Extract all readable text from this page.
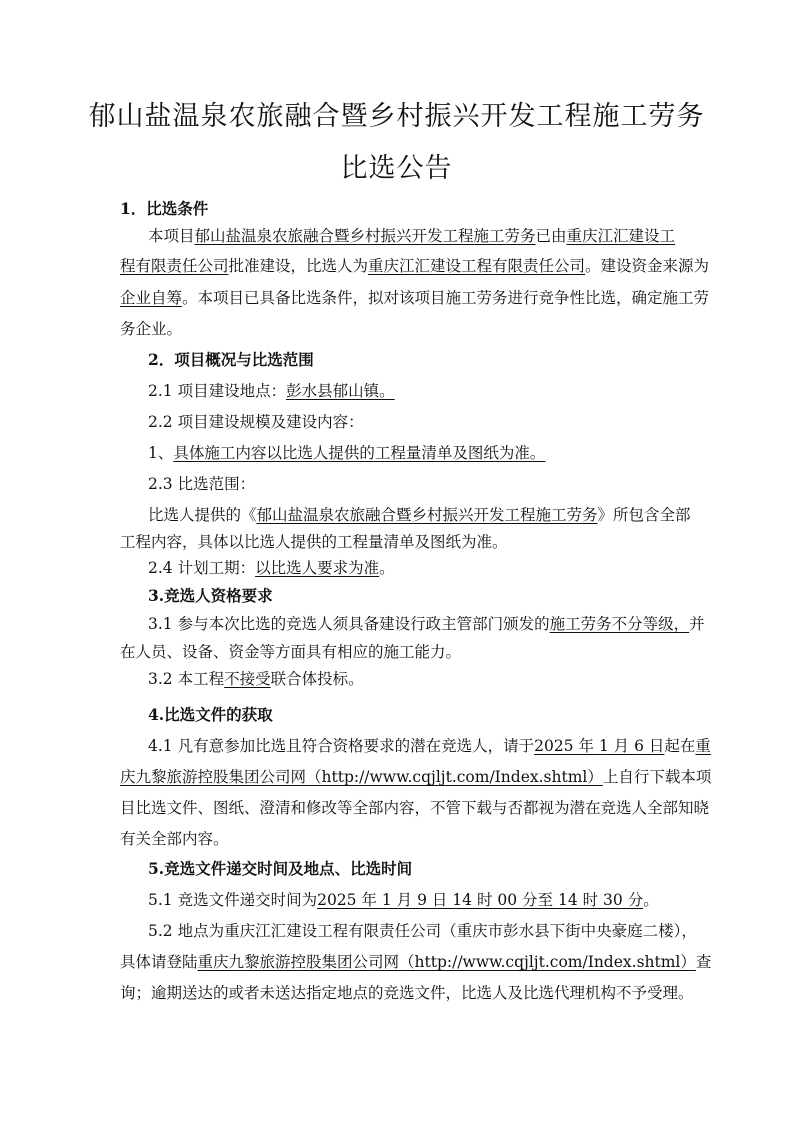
郁山盐温泉农旅融合暨乡村振兴开发工程施工劳务
比选公告
1．比选条件
本项目郁山盐温泉农旅融合暨乡村振兴开发工程施工劳务已由重庆江汇建设工
程有限责任公司批准建设，比选人为重庆江汇建设工程有限责任公司。建设资金来源为
企业自筹。本项目已具备比选条件，拟对该项目施工劳务进行竞争性比选，确定施工劳
务企业。
2．项目概况与比选范围
2.1 项目建设地点：彭水县郁山镇。
2.2 项目建设规模及建设内容：
1、具体施工内容以比选人提供的工程量清单及图纸为准。
2.3 比选范围：
比选人提供的《郁山盐温泉农旅融合暨乡村振兴开发工程施工劳务》所包含全部
工程内容，具体以比选人提供的工程量清单及图纸为准。
2.4 计划工期：以比选人要求为准。
3.竞选人资格要求
3.1 参与本次比选的竞选人须具备建设行政主管部门颁发的施工劳务不分等级，并
在人员、设备、资金等方面具有相应的施工能力。
3.2 本工程不接受联合体投标。
4.比选文件的获取
4.1 凡有意参加比选且符合资格要求的潜在竞选人，请于2025 年 1 月 6 日起在重
庆九黎旅游控股集团公司网（http://www.cqjljt.com/Index.shtml）上自行下载本项
目比选文件、图纸、澄清和修改等全部内容，不管下载与否都视为潜在竞选人全部知晓
有关全部内容。
5.竞选文件递交时间及地点、比选时间
5.1 竞选文件递交时间为2025 年 1 月 9 日 14 时 00 分至 14 时 30 分。
5.2 地点为重庆江汇建设工程有限责任公司（重庆市彭水县下街中央豪庭二楼），
具体请登陆重庆九黎旅游控股集团公司网（http://www.cqjljt.com/Index.shtml）查
询；逾期送达的或者未送达指定地点的竞选文件，比选人及比选代理机构不予受理。
